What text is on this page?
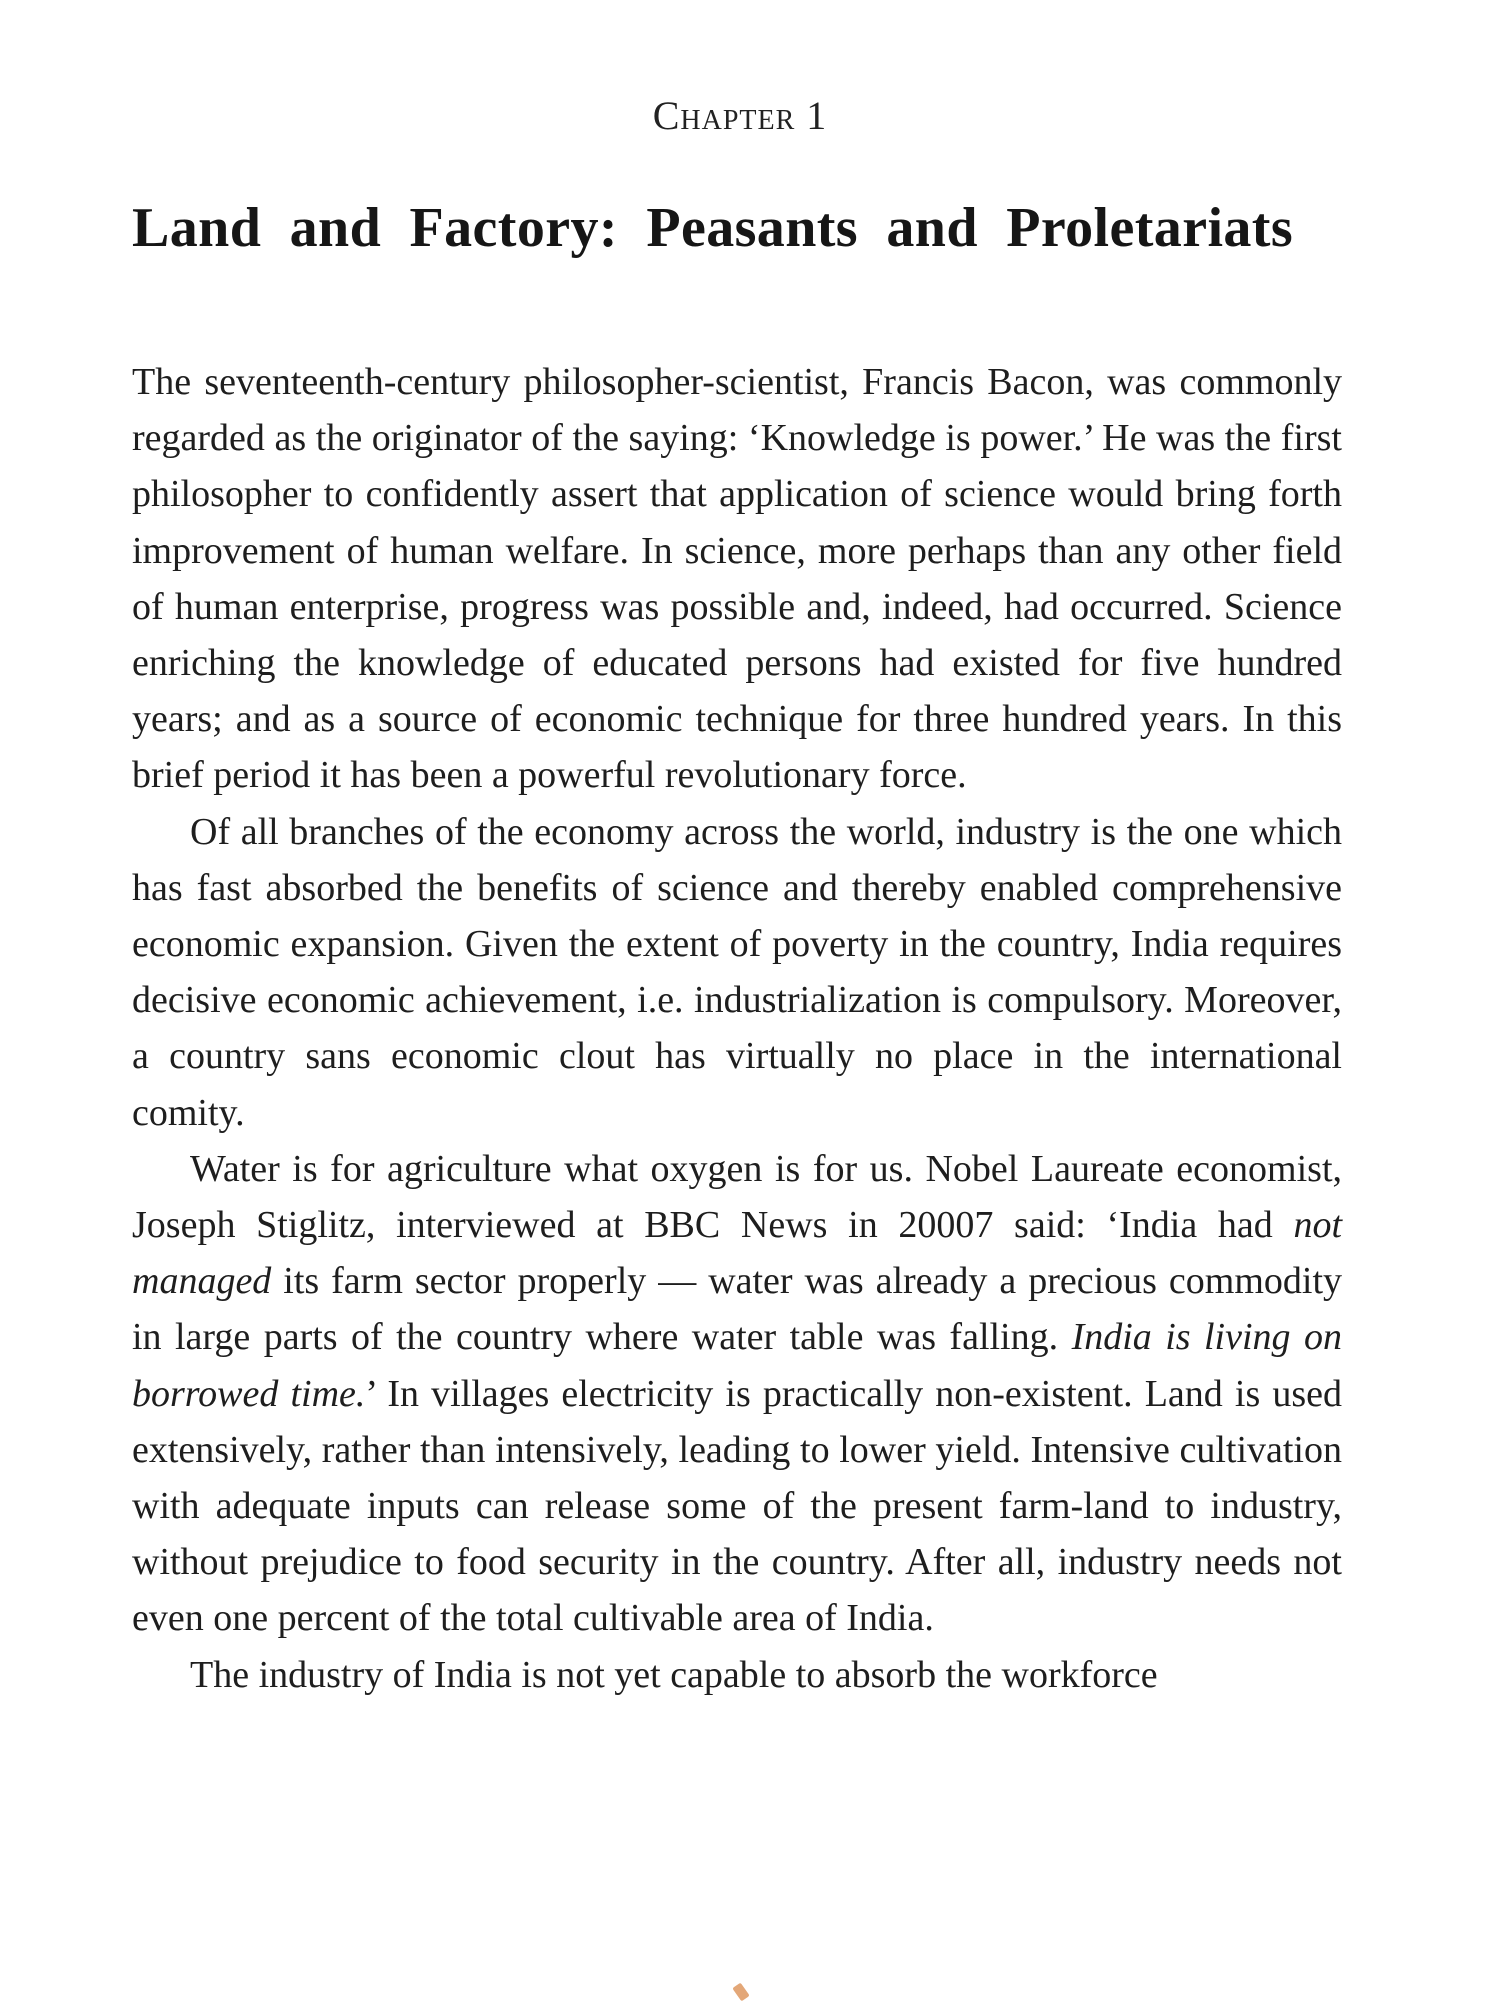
Chapter 1
Land and Factory: Peasants and Proletariats

The seventeenth-century philosopher-scientist, Francis Bacon, was commonly regarded as the originator of the saying: ‘Knowledge is power.’ He was the first philosopher to confidently assert that application of science would bring forth improvement of human welfare. In science, more perhaps than any other field of human enterprise, progress was possible and, indeed, had occurred. Science enriching the knowledge of educated persons had existed for five hundred years; and as a source of economic technique for three hundred years. In this brief period it has been a powerful revolutionary force.

Of all branches of the economy across the world, industry is the one which has fast absorbed the benefits of science and thereby enabled comprehensive economic expansion. Given the extent of poverty in the country, India requires decisive economic achievement, i.e. industrialization is compulsory. Moreover, a country sans economic clout has virtually no place in the international comity.

Water is for agriculture what oxygen is for us. Nobel Laureate economist, Joseph Stiglitz, interviewed at BBC News in 20007 said: ‘India had not managed its farm sector properly — water was already a precious commodity in large parts of the country where water table was falling. India is living on borrowed time.’ In villages electricity is practically non-existent. Land is used extensively, rather than intensively, leading to lower yield. Intensive cultivation with adequate inputs can release some of the present farm-land to industry, without prejudice to food security in the country. After all, industry needs not even one percent of the total cultivable area of India.

The industry of India is not yet capable to absorb the workforce
